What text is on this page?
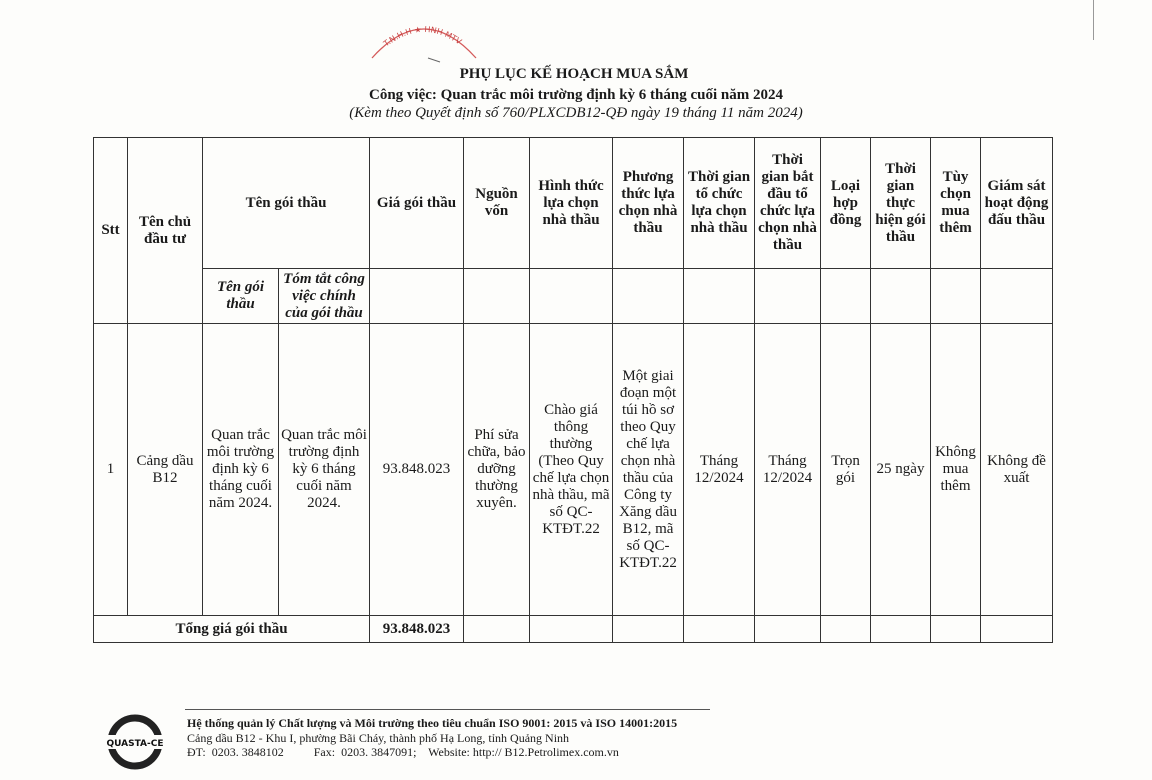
T.N.H.H ★ HNH MTV
PHỤ LỤC KẾ HOẠCH MUA SẮM
Công việc: Quan trắc môi trường định kỳ 6 tháng cuối năm 2024
(Kèm theo Quyết định số 760/PLXCDB12-QĐ ngày 19 tháng 11 năm 2024)
Stt	Tên chủ đầu tư	Tên gói thầu		Giá gói thầu	Nguồn vốn	Hình thức lựa chọn nhà thầu	Phương thức lựa chọn nhà thầu	Thời gian tổ chức lựa chọn nhà thầu	Thời gian bắt đầu tổ chức lựa chọn nhà thầu	Loại hợp đồng	Thời gian thực hiện gói thầu	Tùy chọn mua thêm	Giám sát hoạt động đấu thầu
		Tên gói thầu	Tóm tắt công việc chính của gói thầu										
1	Cảng dầu B12	Quan trắc môi trường định kỳ 6 tháng cuối năm 2024.	Quan trắc môi trường định kỳ 6 tháng cuối năm 2024.	93.848.023	Phí sửa chữa, bảo dưỡng thường xuyên.	Chào giá thông thường (Theo Quy chế lựa chọn nhà thầu, mã số QC-KTĐT.22	Một giai đoạn một túi hồ sơ theo Quy chế lựa chọn nhà thầu của Công ty Xăng dầu B12, mã số QC-KTĐT.22	Tháng 12/2024	Tháng 12/2024	Trọn gói	25 ngày	Không mua thêm	Không đề xuất
Tổng giá gói thầu				93.848.023									
QUASTA-CE
Hệ thống quản lý Chất lượng và Môi trường theo tiêu chuẩn ISO 9001: 2015 và ISO 14001:2015
Cảng dầu B12 - Khu I, phường Bãi Cháy, thành phố Hạ Long, tỉnh Quảng Ninh
ĐT:  0203. 3848102          Fax:  0203. 3847091;    Website: http:// B12.Petrolimex.com.vn
